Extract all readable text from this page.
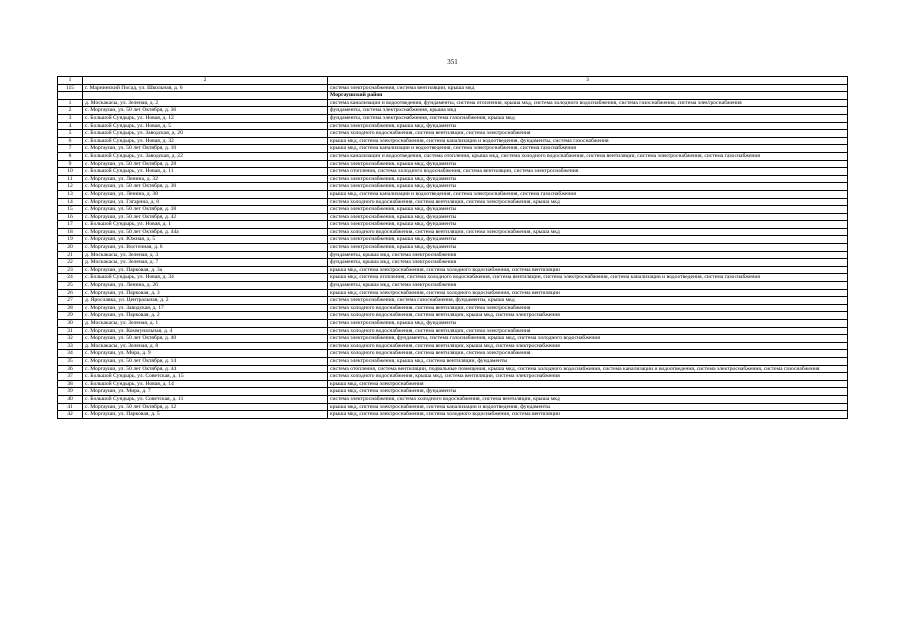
351
1	2	3
115	г. Мариинский Посад, ул. Школьная, д. 6	система электроснабжения, система вентиляции, крыша мкд
		Моргаушский район
1	д. Москакасы, ул. Зеленая, д. 2	система канализации и водоотведения, фундаменты, система отопления, крыша мкд, система холодного водоснабжения, система газоснабжения, система электроснабжения
2	с. Моргауши, ул. 50 лет Октября, д. 36	фундаменты, система электроснабжения, крыша мкд
3	с. Большой Сундырь, ул. Новая, д. 12	фундаменты, система электроснабжения, система газоснабжения, крыша мкд
4	с. Большой Сундырь, ул. Новая, д. 5	система электроснабжения, крыша мкд, фундаменты
5	с. Большой Сундырь, ул. Заводская, д. 20	система холодного водоснабжения, система вентиляции, система электроснабжения
6	с. Большой Сундырь, ул. Новая, д. 32	крыша мкд, система электроснабжения, система канализации и водоотведения, фундаменты, система газоснабжения
7	с. Моргауши, ул. 50 лет Октября, д. 10	крыша мкд, система канализации и водоотведения, система электроснабжения, система газоснабжения
8	с. Большой Сундырь, ул. Заводская, д. 22	система канализации и водоотведения, система отопления, крыша мкд, система холодного водоснабжения, система вентиляции, система электроснабжения, система газоснабжения
9	с. Моргауши, ул. 50 лет Октября, д. 28	система электроснабжения, крыша мкд, фундаменты
10	с. Большой Сундырь, ул. Новая, д. 11	система отопления, система холодного водоснабжения, система вентиляции, система электроснабжения
11	с. Моргауши, ул. Ленина, д. 32	система электроснабжения, крыша мкд, фундаменты
12	с. Моргауши, ул. 50 лет Октября, д. 30	система электроснабжения, крыша мкд, фундаменты
13	с. Моргауши, ул. Ленина, д. 38	крыша мкд, система канализации и водоотведения, система электроснабжения, система газоснабжения
14	с. Моргауши, ул. Гагарина, д. 8	система холодного водоснабжения, система вентиляции, система электроснабжения, крыша мкд
15	с. Моргауши, ул. 50 лет Октября, д. 38	система электроснабжения, крыша мкд, фундаменты
16	с. Моргауши, ул. 50 лет Октября, д. 42	система электроснабжения, крыша мкд, фундаменты
17	с. Большой Сундырь, ул. Новая, д. 1	система электроснабжения, крыша мкд, фундаменты
18	с. Моргауши, ул. 50 лет Октября, д. 44а	система холодного водоснабжения, система вентиляции, система электроснабжения, крыша мкд
19	с. Моргауши, ул. Южная, д. 5	система электроснабжения, крыша мкд, фундаменты
20	с. Моргауши, ул. Восточная, д. 6	система электроснабжения, крыша мкд, фундаменты
21	д. Москакасы, ул. Зеленая, д. 3	фундаменты, крыша мкд, система электроснабжения
22	д. Москакасы, ул. Зеленая, д. 7	фундаменты, крыша мкд, система электроснабжения
23	с. Моргауши, ул. Парковая, д. 3а	крыша мкд, система электроснабжения, система холодного водоснабжения, система вентиляции
24	с. Большой Сундырь, ул. Новая, д. 34	крыша мкд, система отопления, система холодного водоснабжения, система вентиляции, система электроснабжения, система канализации и водоотведения, система газоснабжения
25	с. Моргауши, ул. Ленина, д. 26	фундаменты, крыша мкд, система электроснабжения
26	с. Моргауши, ул. Парковая, д. 3	крыша мкд, система электроснабжения, система холодного водоснабжения, система вентиляции
27	д. Ярославка, ул. Центральная, д. 2	система электроснабжения, система газоснабжения, фундаменты, крыша мкд
28	с. Моргауши, ул. Заводская, д. 17	система холодного водоснабжения, система вентиляции, система электроснабжения
29	с. Моргауши, ул. Парковая, д. 2	система холодного водоснабжения, система вентиляции, крыша мкд, система электроснабжения
30	д. Москакасы, ул. Зеленая, д. 1	система электроснабжения, крыша мкд, фундаменты
31	с. Моргауши, ул. Коммунальная, д. 4	система холодного водоснабжения, система вентиляции, система электроснабжения
32	с. Моргауши, ул. 50 лет Октября, д. 40	система электроснабжения, фундаменты, система газоснабжения, крыша мкд, система холодного водоснабжения
33	д. Москакасы, ул. Зеленая, д. 8	система холодного водоснабжения, система вентиляции, крыша мкд, система электроснабжения
34	с. Моргауши, ул. Мира, д. 9	система холодного водоснабжения, система вентиляции, система электроснабжения
35	с. Моргауши, ул. 50 лет Октября, д. 14	система электроснабжения, крыша мкд, система вентиляции, фундаменты
36	с. Моргауши, ул. 50 лет Октября, д. 44	система отопления, система вентиляции, подвальные помещения, крыша мкд, система холодного водоснабжения, система канализации и водоотведения, система электроснабжения, система газоснабжения
37	с. Большой Сундырь, ул. Советская, д. 15	система холодного водоснабжения, крыша мкд, система вентиляции, система электроснабжения
38	с. Большой Сундырь, ул. Новая, д. 14	крыша мкд, система электроснабжения
39	с. Моргауши, ул. Мира, д. 7	крыша мкд, система электроснабжения, фундаменты
40	с. Большой Сундырь, ул. Советская, д. 11	система электроснабжения, система холодного водоснабжения, система вентиляции, крыша мкд
41	с. Моргауши, ул. 50 лет Октября, д. 12	крыша мкд, система электроснабжения, система канализации и водоотведения, фундаменты
42	с. Моргауши, ул. Парковая, д. 5	крыша мкд, система электроснабжения, система холодного водоснабжения, система вентиляции
